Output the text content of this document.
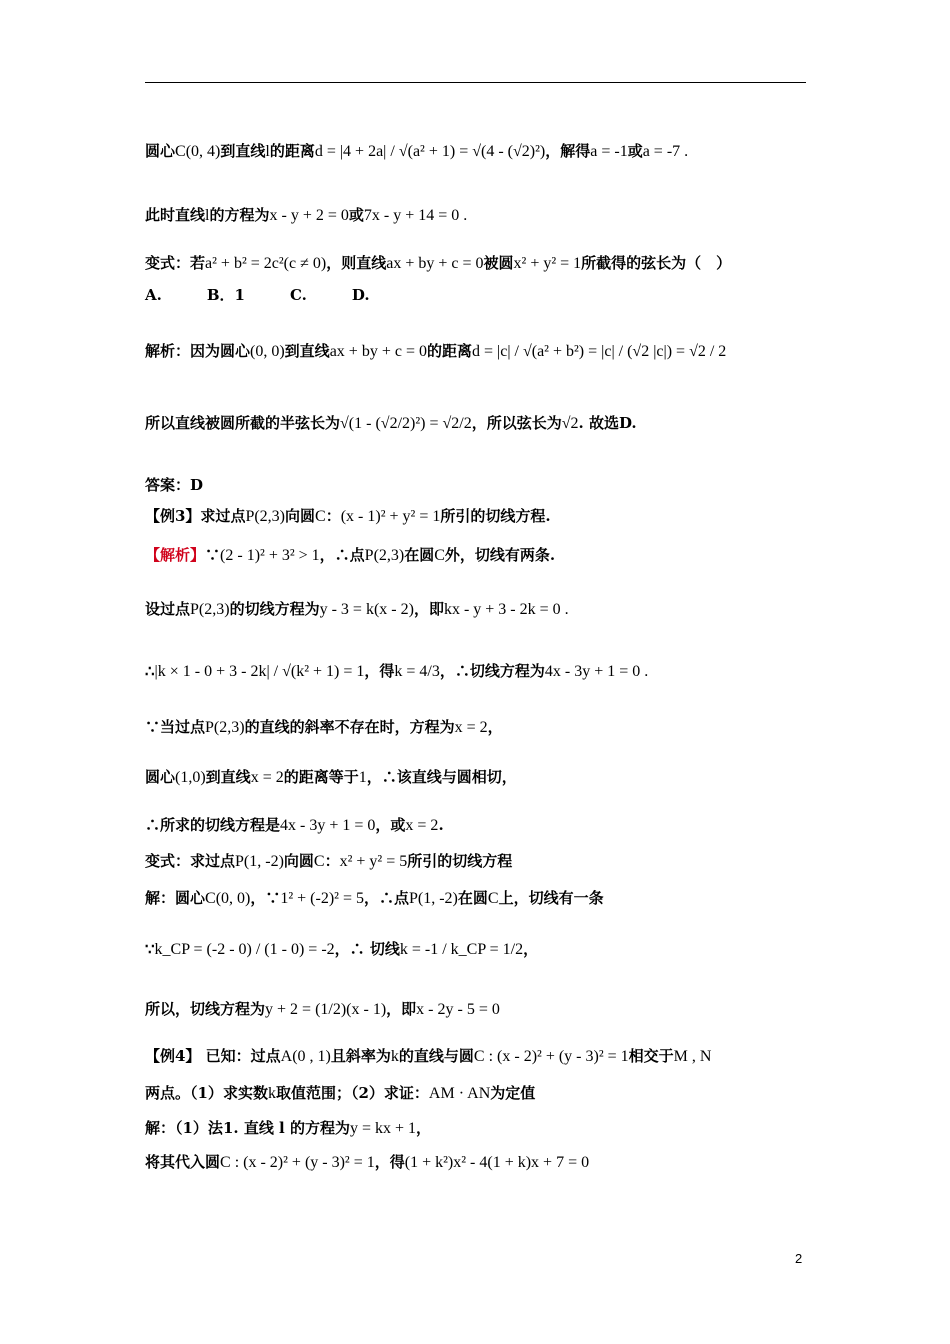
圆心C(0, 4)到直线l的距离d = |4 + 2a| / √(a² + 1) = √(4 - (√2)²)，解得a = -1或a = -7 .
此时直线l的方程为x - y + 2 = 0或7x - y + 14 = 0 .
变式：若a² + b² = 2c²(c ≠ 0)，则直线ax + by + c = 0被圆x² + y² = 1所截得的弦长为（　）
A.　　　B．1　　　C.　　　D.
解析：因为圆心(0, 0)到直线ax + by + c = 0的距离d = |c| / √(a² + b²) = |c| / (√2 |c|) = √2 / 2
所以直线被圆所截的半弦长为√(1 - (√2/2)²) = √2/2，所以弦长为√2. 故选D.
答案：D
【例3】求过点P(2,3)向圆C：(x - 1)² + y² = 1所引的切线方程.
【解析】∵(2 - 1)² + 3² > 1，∴点P(2,3)在圆C外，切线有两条.
设过点P(2,3)的切线方程为y - 3 = k(x - 2)，即kx - y + 3 - 2k = 0 .
∴|k × 1 - 0 + 3 - 2k| / √(k² + 1) = 1，得k = 4/3，∴切线方程为4x - 3y + 1 = 0 .
∵当过点P(2,3)的直线的斜率不存在时，方程为x = 2，
圆心(1,0)到直线x = 2的距离等于1，∴该直线与圆相切，
∴所求的切线方程是4x - 3y + 1 = 0，或x = 2.
变式：求过点P(1, -2)向圆C：x² + y² = 5所引的切线方程
解：圆心C(0, 0)，∵1² + (-2)² = 5，∴点P(1, -2)在圆C上，切线有一条
∵k_CP = (-2 - 0) / (1 - 0) = -2，∴ 切线k = -1 / k_CP = 1/2，
所以，切线方程为y + 2 = (1/2)(x - 1)，即x - 2y - 5 = 0
【例4】 已知：过点A(0 , 1)且斜率为k的直线与圆C : (x - 2)² + (y - 3)² = 1相交于M , N
两点。（1）求实数k取值范围；（2）求证：AM · AN为定值
解：（1）法1. 直线 l 的方程为y = kx + 1，
将其代入圆C : (x - 2)² + (y - 3)² = 1，得(1 + k²)x² - 4(1 + k)x + 7 = 0
2
